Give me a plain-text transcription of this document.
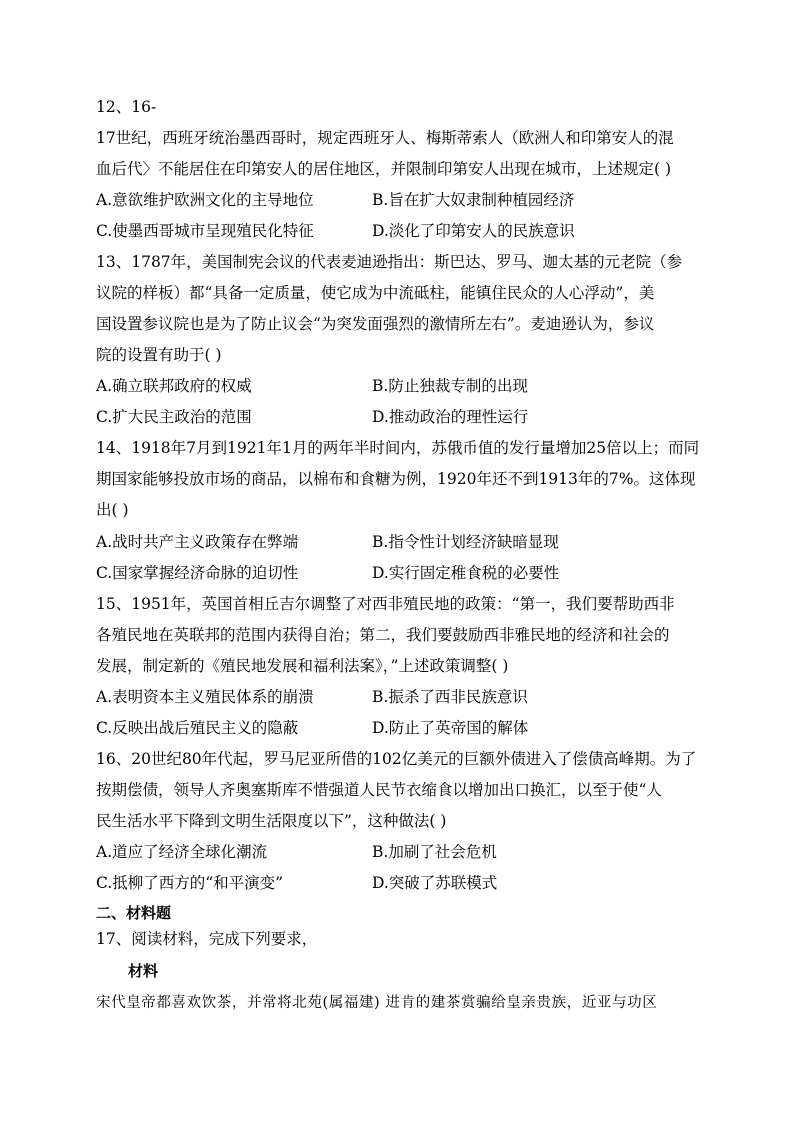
12、16-
17世纪，西班牙统治墨西哥时，规定西班牙人、梅斯蒂索人（欧洲人和印第安人的混
血后代〉不能居住在印第安人的居住地区，并限制印第安人出现在城市，上述规定( )
A.意欲维护欧洲文化的主导地位	B.旨在扩大奴隶制种植园经济
C.使墨西哥城市呈现殖民化特征	D.淡化了印第安人的民族意识
13、1787年，美国制宪会议的代表麦迪逊指出：斯巴达、罗马、迦太基的元老院（参
议院的样板）都“具备一定质量，使它成为中流砥柱，能镇住民众的人心浮动”，美
国设置参议院也是为了防止议会“为突发面强烈的激情所左右”。麦迪逊认为，参议
院的设置有助于( )
A.确立联邦政府的权威	B.防止独裁专制的出现
C.扩大民主政治的范围	D.推动政治的理性运行
14、1918年7月到1921年1月的两年半时间内，苏俄币值的发行量增加25倍以上；而同
期国家能够投放市场的商品，以棉布和食糖为例，1920年还不到1913年的7%。这体现
出( )
A.战时共产主义政策存在弊端	B.指令性计划经济缺暗显现
C.国家掌握经济命脉的迫切性	D.实行固定稚食税的必要性
15、1951年，英国首相丘吉尔调整了对西非殖民地的政策：“第一，我们要帮助西非
各殖民地在英联邦的范围内获得自治；第二，我们要鼓励西非雅民地的经济和社会的
发展，制定新的《殖民地发展和福利法案》，”上述政策调整( )
A.表明资本主义殖民体系的崩溃	B.振杀了西非民族意识
C.反映出战后殖民主义的隐蔽	D.防止了英帝国的解体
16、20世纪80年代起，罗马尼亚所借的102亿美元的巨额外债进入了偿债高峰期。为了
按期偿债，领导人齐奥塞斯库不惜强道人民节衣缩食以增加出口换汇，以至于使“人
民生活水平下降到文明生活限度以下”，这种做法( )
A.道应了经济全球化潮流	B.加刷了社会危机
C.抵柳了西方的“和平演变”	D.突破了苏联模式
二、材料题
17、阅读材料，完成下列要求，
材料
宋代皇帝都喜欢饮茶，并常将北苑(属福建) 进肯的建茶赏骗给皇亲贵族，近亚与功区
